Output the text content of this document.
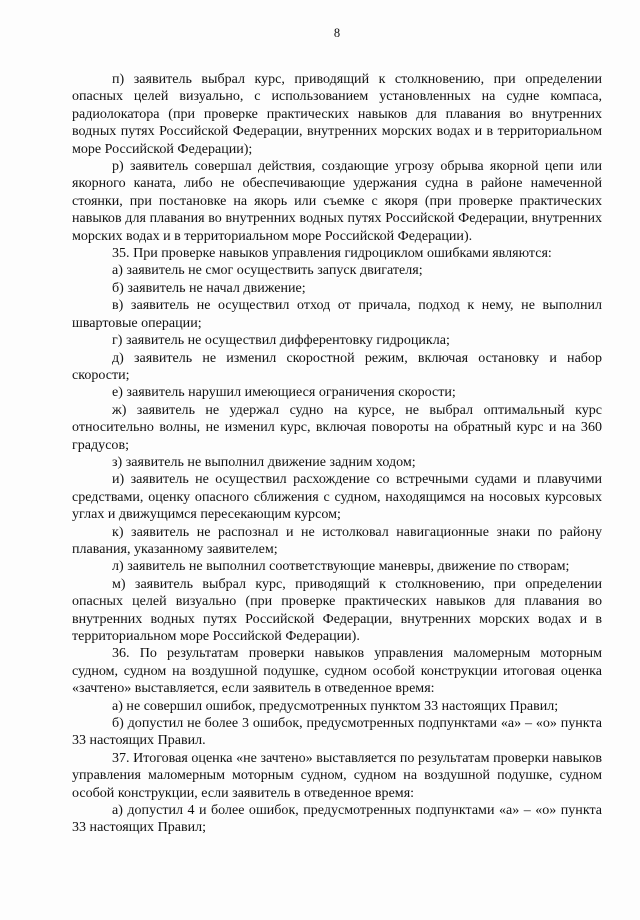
8

п) заявитель выбрал курс, приводящий к столкновению, при определении опасных целей визуально, с использованием установленных на судне компаса, радиолокатора (при проверке практических навыков для плавания во внутренних водных путях Российской Федерации, внутренних морских водах и в территориальном море Российской Федерации);

р) заявитель совершал действия, создающие угрозу обрыва якорной цепи или якорного каната, либо не обеспечивающие удержания судна в районе намеченной стоянки, при постановке на якорь или съемке с якоря (при проверке практических навыков для плавания во внутренних водных путях Российской Федерации, внутренних морских водах и в территориальном море Российской Федерации).

35. При проверке навыков управления гидроциклом ошибками являются:

а) заявитель не смог осуществить запуск двигателя;

б) заявитель не начал движение;

в) заявитель не осуществил отход от причала, подход к нему, не выполнил швартовые операции;

г) заявитель не осуществил дифферентовку гидроцикла;

д) заявитель не изменил скоростной режим, включая остановку и набор скорости;

е) заявитель нарушил имеющиеся ограничения скорости;

ж) заявитель не удержал судно на курсе, не выбрал оптимальный курс относительно волны, не изменил курс, включая повороты на обратный курс и на 360 градусов;

з) заявитель не выполнил движение задним ходом;

и) заявитель не осуществил расхождение со встречными судами и плавучими средствами, оценку опасного сближения с судном, находящимся на носовых курсовых углах и движущимся пересекающим курсом;

к) заявитель не распознал и не истолковал навигационные знаки по району плавания, указанному заявителем;

л) заявитель не выполнил соответствующие маневры, движение по створам;

м) заявитель выбрал курс, приводящий к столкновению, при определении опасных целей визуально (при проверке практических навыков для плавания во внутренних водных путях Российской Федерации, внутренних морских водах и в территориальном море Российской Федерации).

36. По результатам проверки навыков управления маломерным моторным судном, судном на воздушной подушке, судном особой конструкции итоговая оценка «зачтено» выставляется, если заявитель в отведенное время:

а) не совершил ошибок, предусмотренных пунктом 33 настоящих Правил;

б) допустил не более 3 ошибок, предусмотренных подпунктами «а» – «о» пункта 33 настоящих Правил.

37. Итоговая оценка «не зачтено» выставляется по результатам проверки навыков управления маломерным моторным судном, судном на воздушной подушке, судном особой конструкции, если заявитель в отведенное время:

а) допустил 4 и более ошибок, предусмотренных подпунктами «а» – «о» пункта 33 настоящих Правил;
